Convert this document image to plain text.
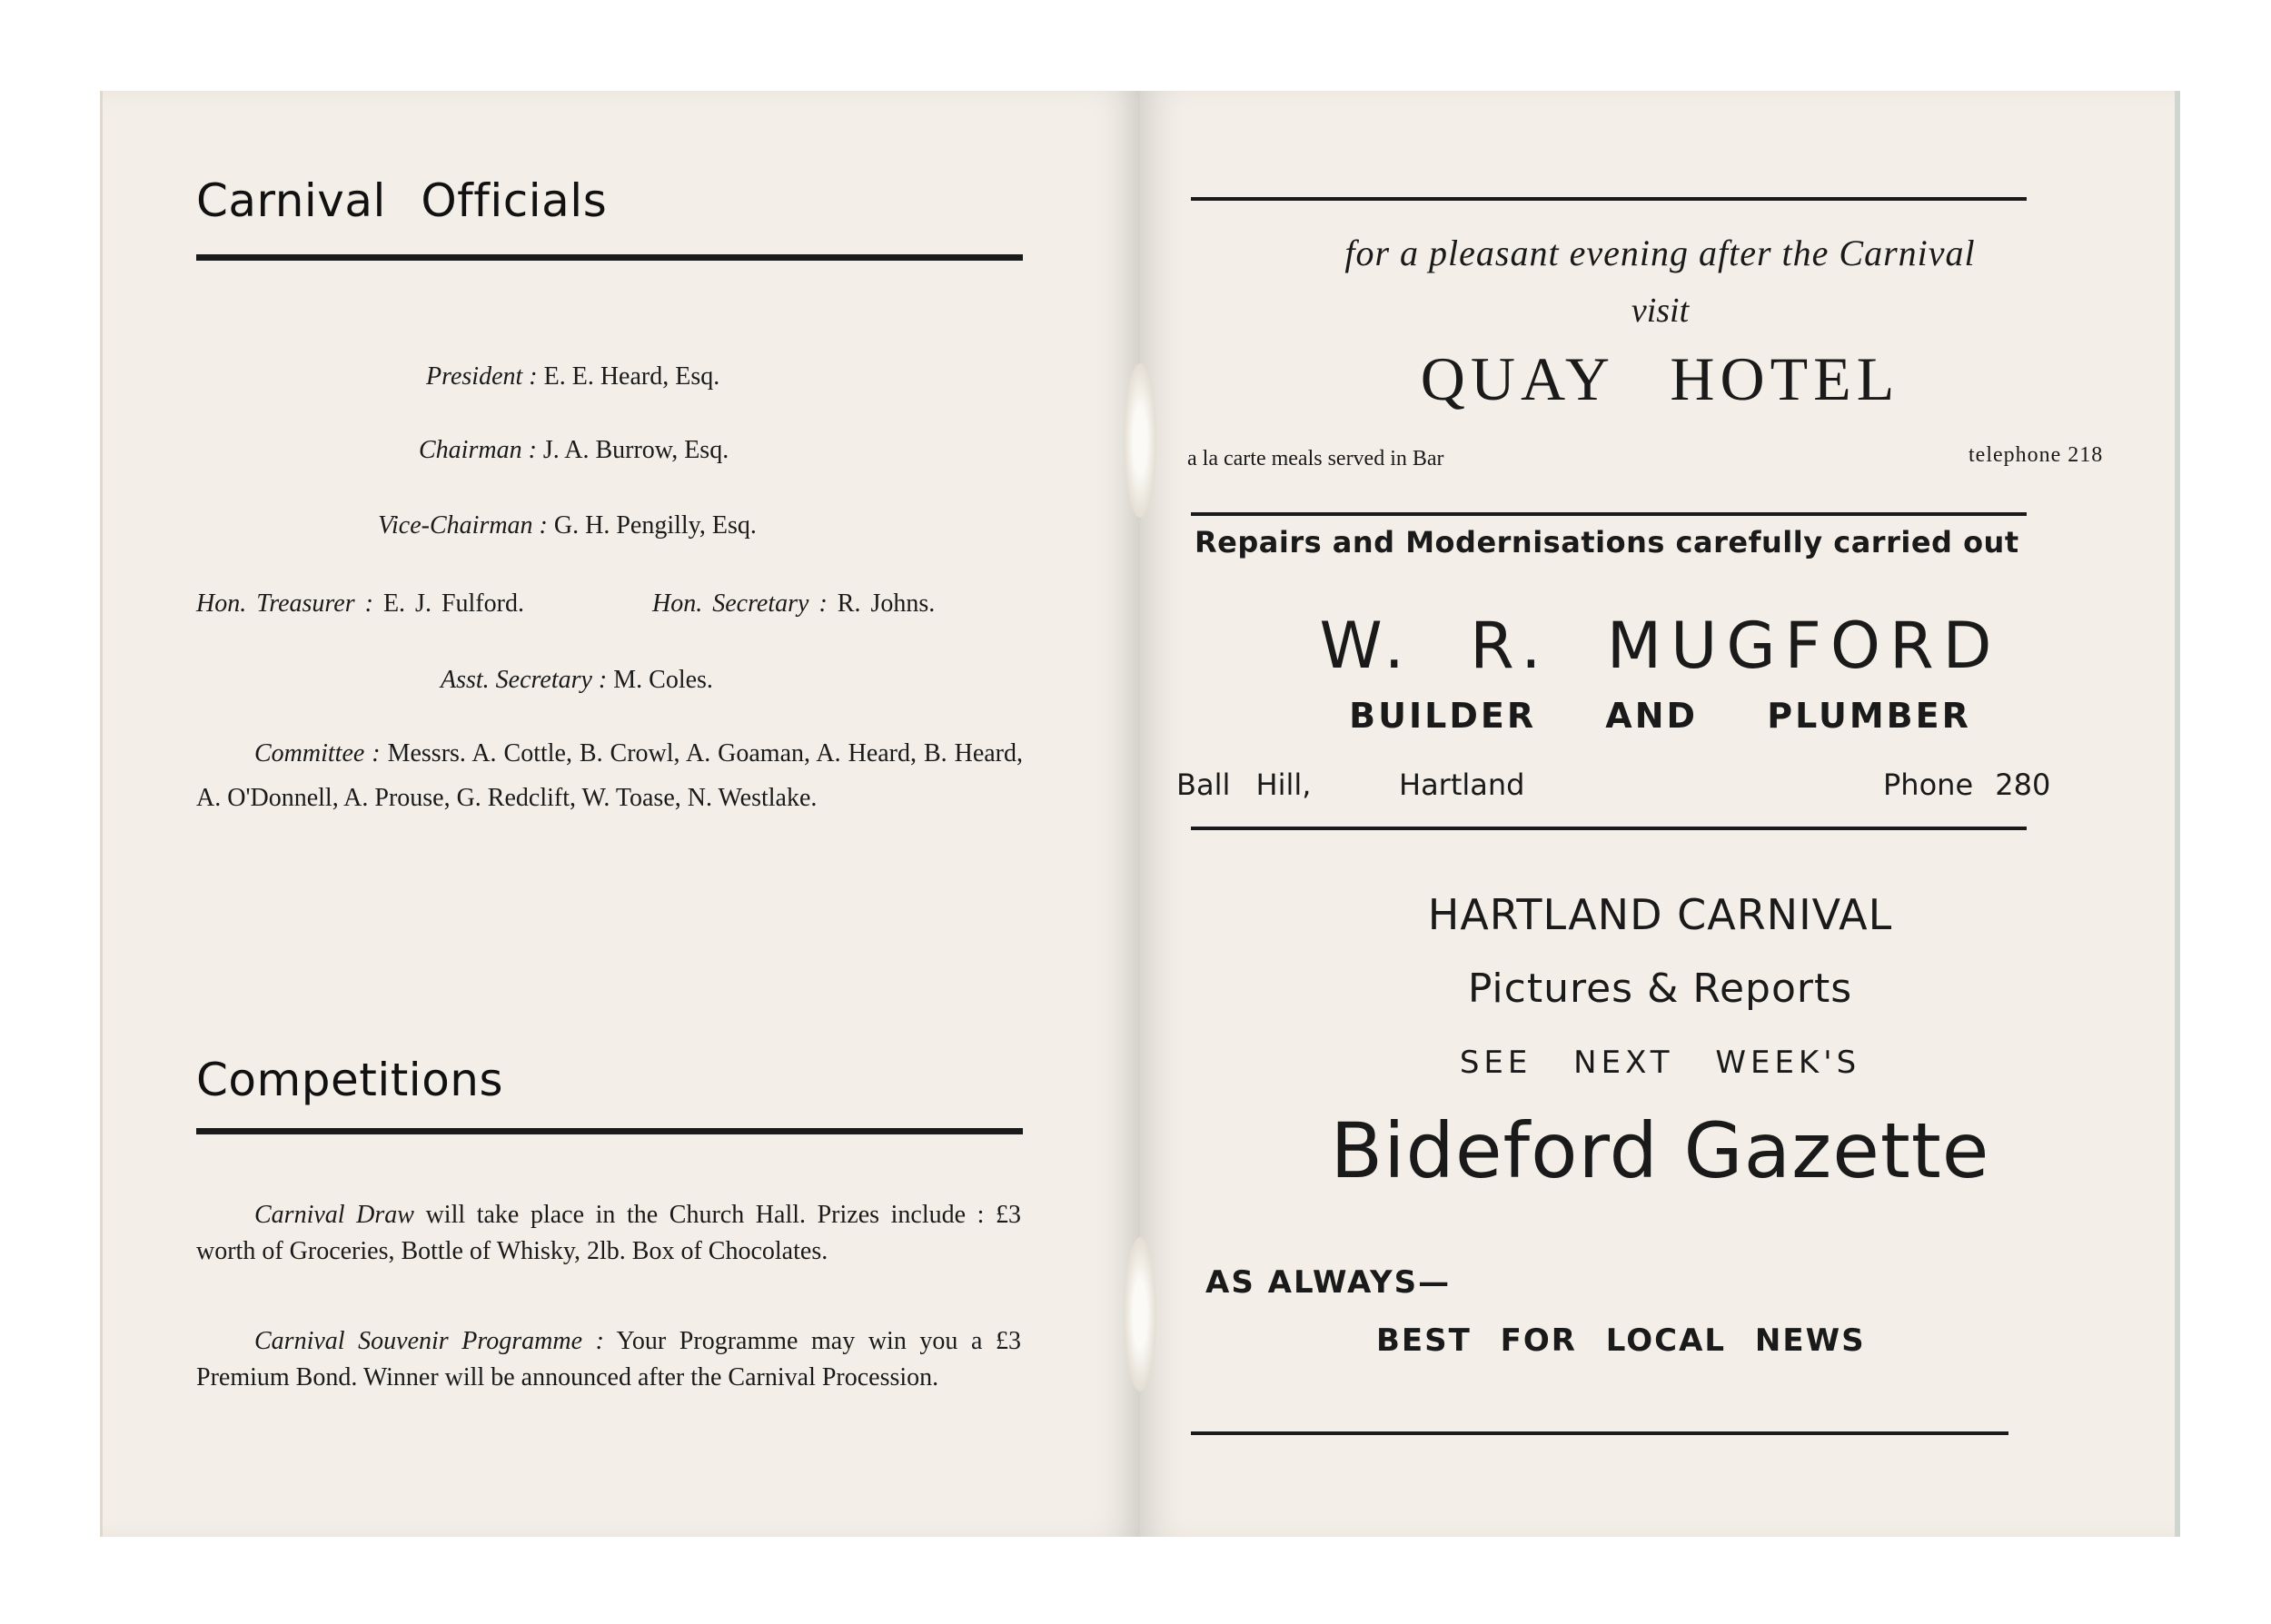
Carnival Officials
President : E. E. Heard, Esq.
Chairman : J. A. Burrow, Esq.
Vice-Chairman : G. H. Pengilly, Esq.
Hon. Treasurer : E. J. Fulford.	Hon. Secretary : R. Johns.
Asst. Secretary : M. Coles.
Committee : Messrs. A. Cottle, B. Crowl, A. Goaman, A. Heard, B. Heard, A. O'Donnell, A. Prouse, G. Redclift, W. Toase, N. Westlake.
Competitions
Carnival Draw will take place in the Church Hall. Prizes include : £3 worth of Groceries, Bottle of Whisky, 2lb. Box of Chocolates.
Carnival Souvenir Programme : Your Programme may win you a £3 Premium Bond. Winner will be announced after the Carnival Procession.
for a pleasant evening after the Carnival
visit
QUAY HOTEL
a la carte meals served in Bar	telephone 218
Repairs and Modernisations carefully carried out
W. R. MUGFORD
BUILDER AND PLUMBER
Ball Hill,	Hartland	Phone 280
HARTLAND CARNIVAL
Pictures & Reports
SEE NEXT WEEK'S
Bideford Gazette
AS ALWAYS—
BEST FOR LOCAL NEWS
